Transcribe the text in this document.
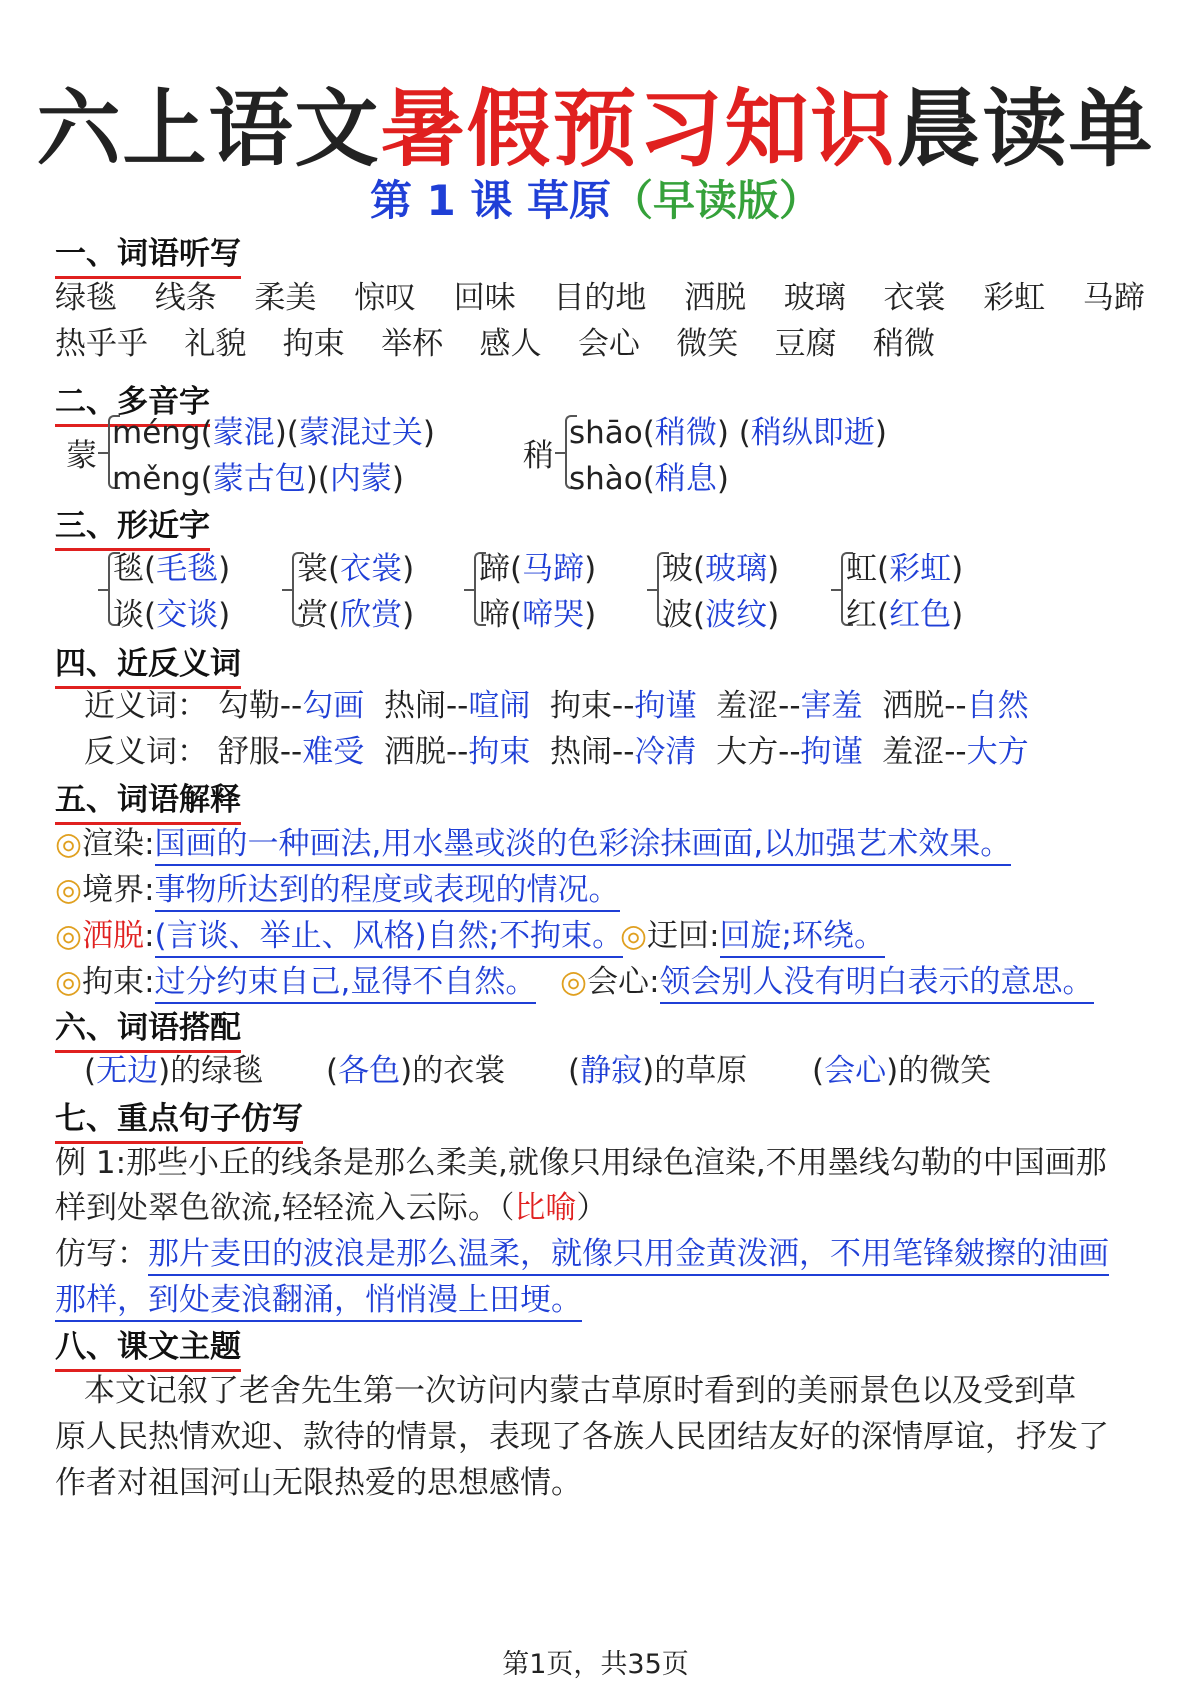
六上语文暑假预习知识晨读单
第 1 课 草原（早读版）
一、词语听写
绿毯 线条 柔美 惊叹 回味 目的地 洒脱 玻璃 衣裳 彩虹 马蹄
热乎乎 礼貌 拘束 举杯 感人 会心 微笑 豆腐 稍微
二、多音字
蒙
méng(蒙混)(蒙混过关)
měng(蒙古包)(内蒙)
稍
shāo(稍微) (稍纵即逝)
shào(稍息)
三、形近字
毯(毛毯)
谈(交谈)
裳(衣裳)
赏(欣赏)
蹄(马蹄)
啼(啼哭)
玻(玻璃)
波(波纹)
虹(彩虹)
红(红色)
四、近反义词
近义词： 勾勒--勾画 热闹--喧闹 拘束--拘谨 羞涩--害羞 洒脱--自然
反义词： 舒服--难受 洒脱--拘束 热闹--冷清 大方--拘谨 羞涩--大方
五、词语解释
◎渲染:国画的一种画法,用水墨或淡的色彩涂抹画面,以加强艺术效果。
◎境界:事物所达到的程度或表现的情况。
◎洒脱:(言谈、举止、风格)自然;不拘束。
◎迂回:回旋;环绕。
◎拘束:过分约束自己,显得不自然。 ◎会心:领会别人没有明白表示的意思。
六、词语搭配
(无边)的绿毯 (各色)的衣裳 (静寂)的草原 (会心)的微笑
七、重点句子仿写
例 1:那些小丘的线条是那么柔美,就像只用绿色渲染,不用墨线勾勒的中国画那
样到处翠色欲流,轻轻流入云际。（比喻）
仿写：那片麦田的波浪是那么温柔，就像只用金黄泼洒，不用笔锋皴擦的油画
那样，到处麦浪翻涌，悄悄漫上田埂。
八、课文主题
本文记叙了老舍先生第一次访问内蒙古草原时看到的美丽景色以及受到草
原人民热情欢迎、款待的情景，表现了各族人民团结友好的深情厚谊，抒发了
作者对祖国河山无限热爱的思想感情。
第1页，共35页
